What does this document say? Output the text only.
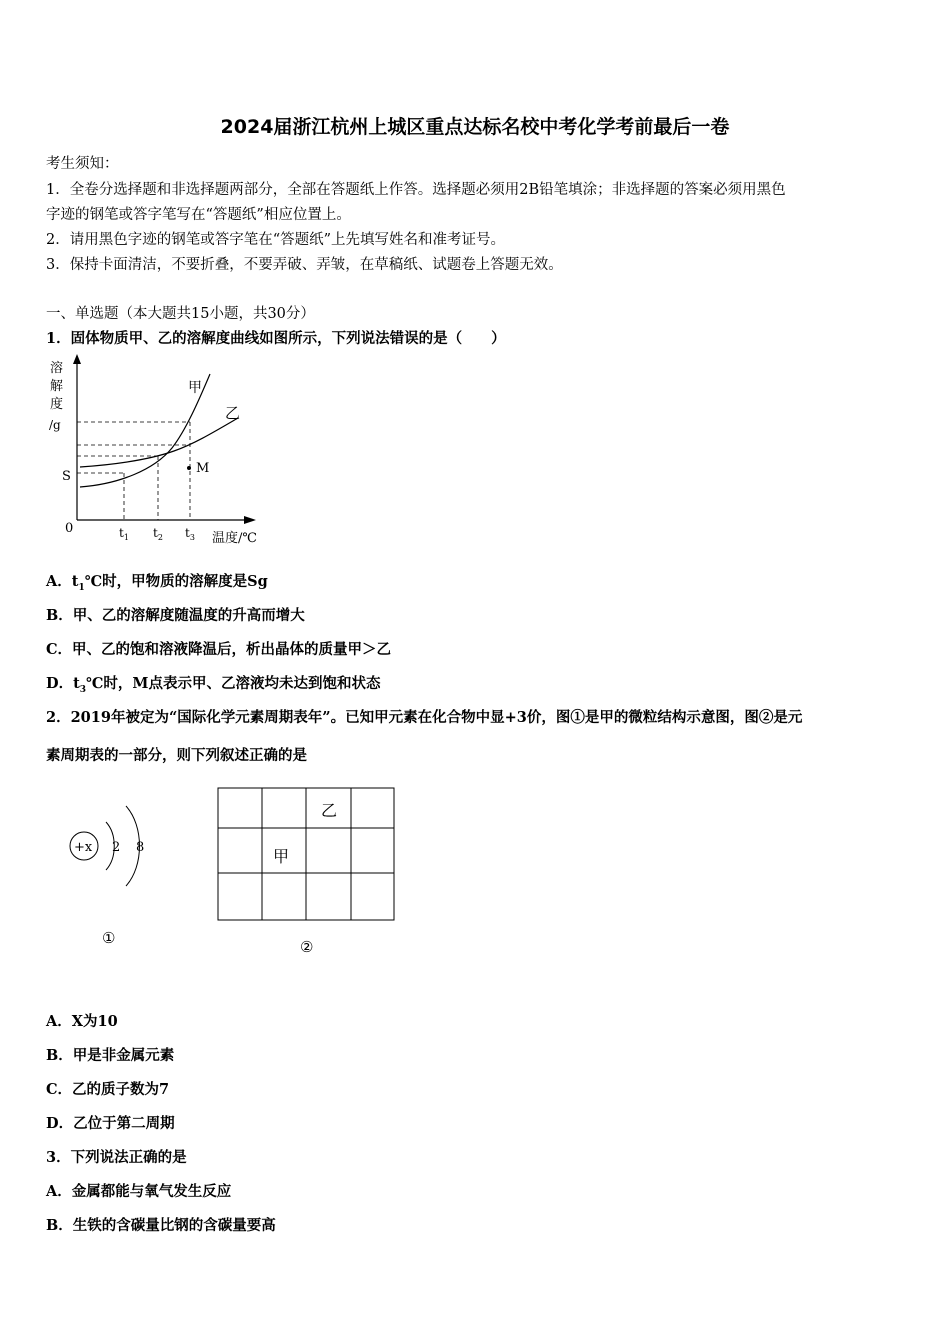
2024届浙江杭州上城区重点达标名校中考化学考前最后一卷
考生须知：
1．全卷分选择题和非选择题两部分，全部在答题纸上作答。选择题必须用2B铅笔填涂；非选择题的答案必须用黑色
字迹的钢笔或答字笔写在“答题纸”相应位置上。
2．请用黑色字迹的钢笔或答字笔在“答题纸”上先填写姓名和准考证号。
3．保持卡面清洁，不要折叠，不要弄破、弄皱，在草稿纸、试题卷上答题无效。
一、单选题（本大题共15小题，共30分）
1．固体物质甲、乙的溶解度曲线如图所示，下列说法错误的是（　　）
溶
解
度
/g
0
S
甲
乙
M
$t_1$ $t_2$ $t_3$ 温度/℃
A．$t_1℃$时，甲物质的溶解度是Sg
B．甲、乙的溶解度随温度的升高而增大
C．甲、乙的饱和溶液降温后，析出晶体的质量甲＞乙
D．$t_3℃$时，M点表示甲、乙溶液均未达到饱和状态
2．2019年被定为“国际化学元素周期表年”。已知甲元素在化合物中显+3价，图①是甲的微粒结构示意图，图②是元
素周期表的一部分，则下列叙述正确的是
+x 2 8
①
乙
甲
②
A．X为10
B．甲是非金属元素
C．乙的质子数为7
D．乙位于第二周期
3．下列说法正确的是
A．金属都能与氧气发生反应
B．生铁的含碳量比钢的含碳量要高
